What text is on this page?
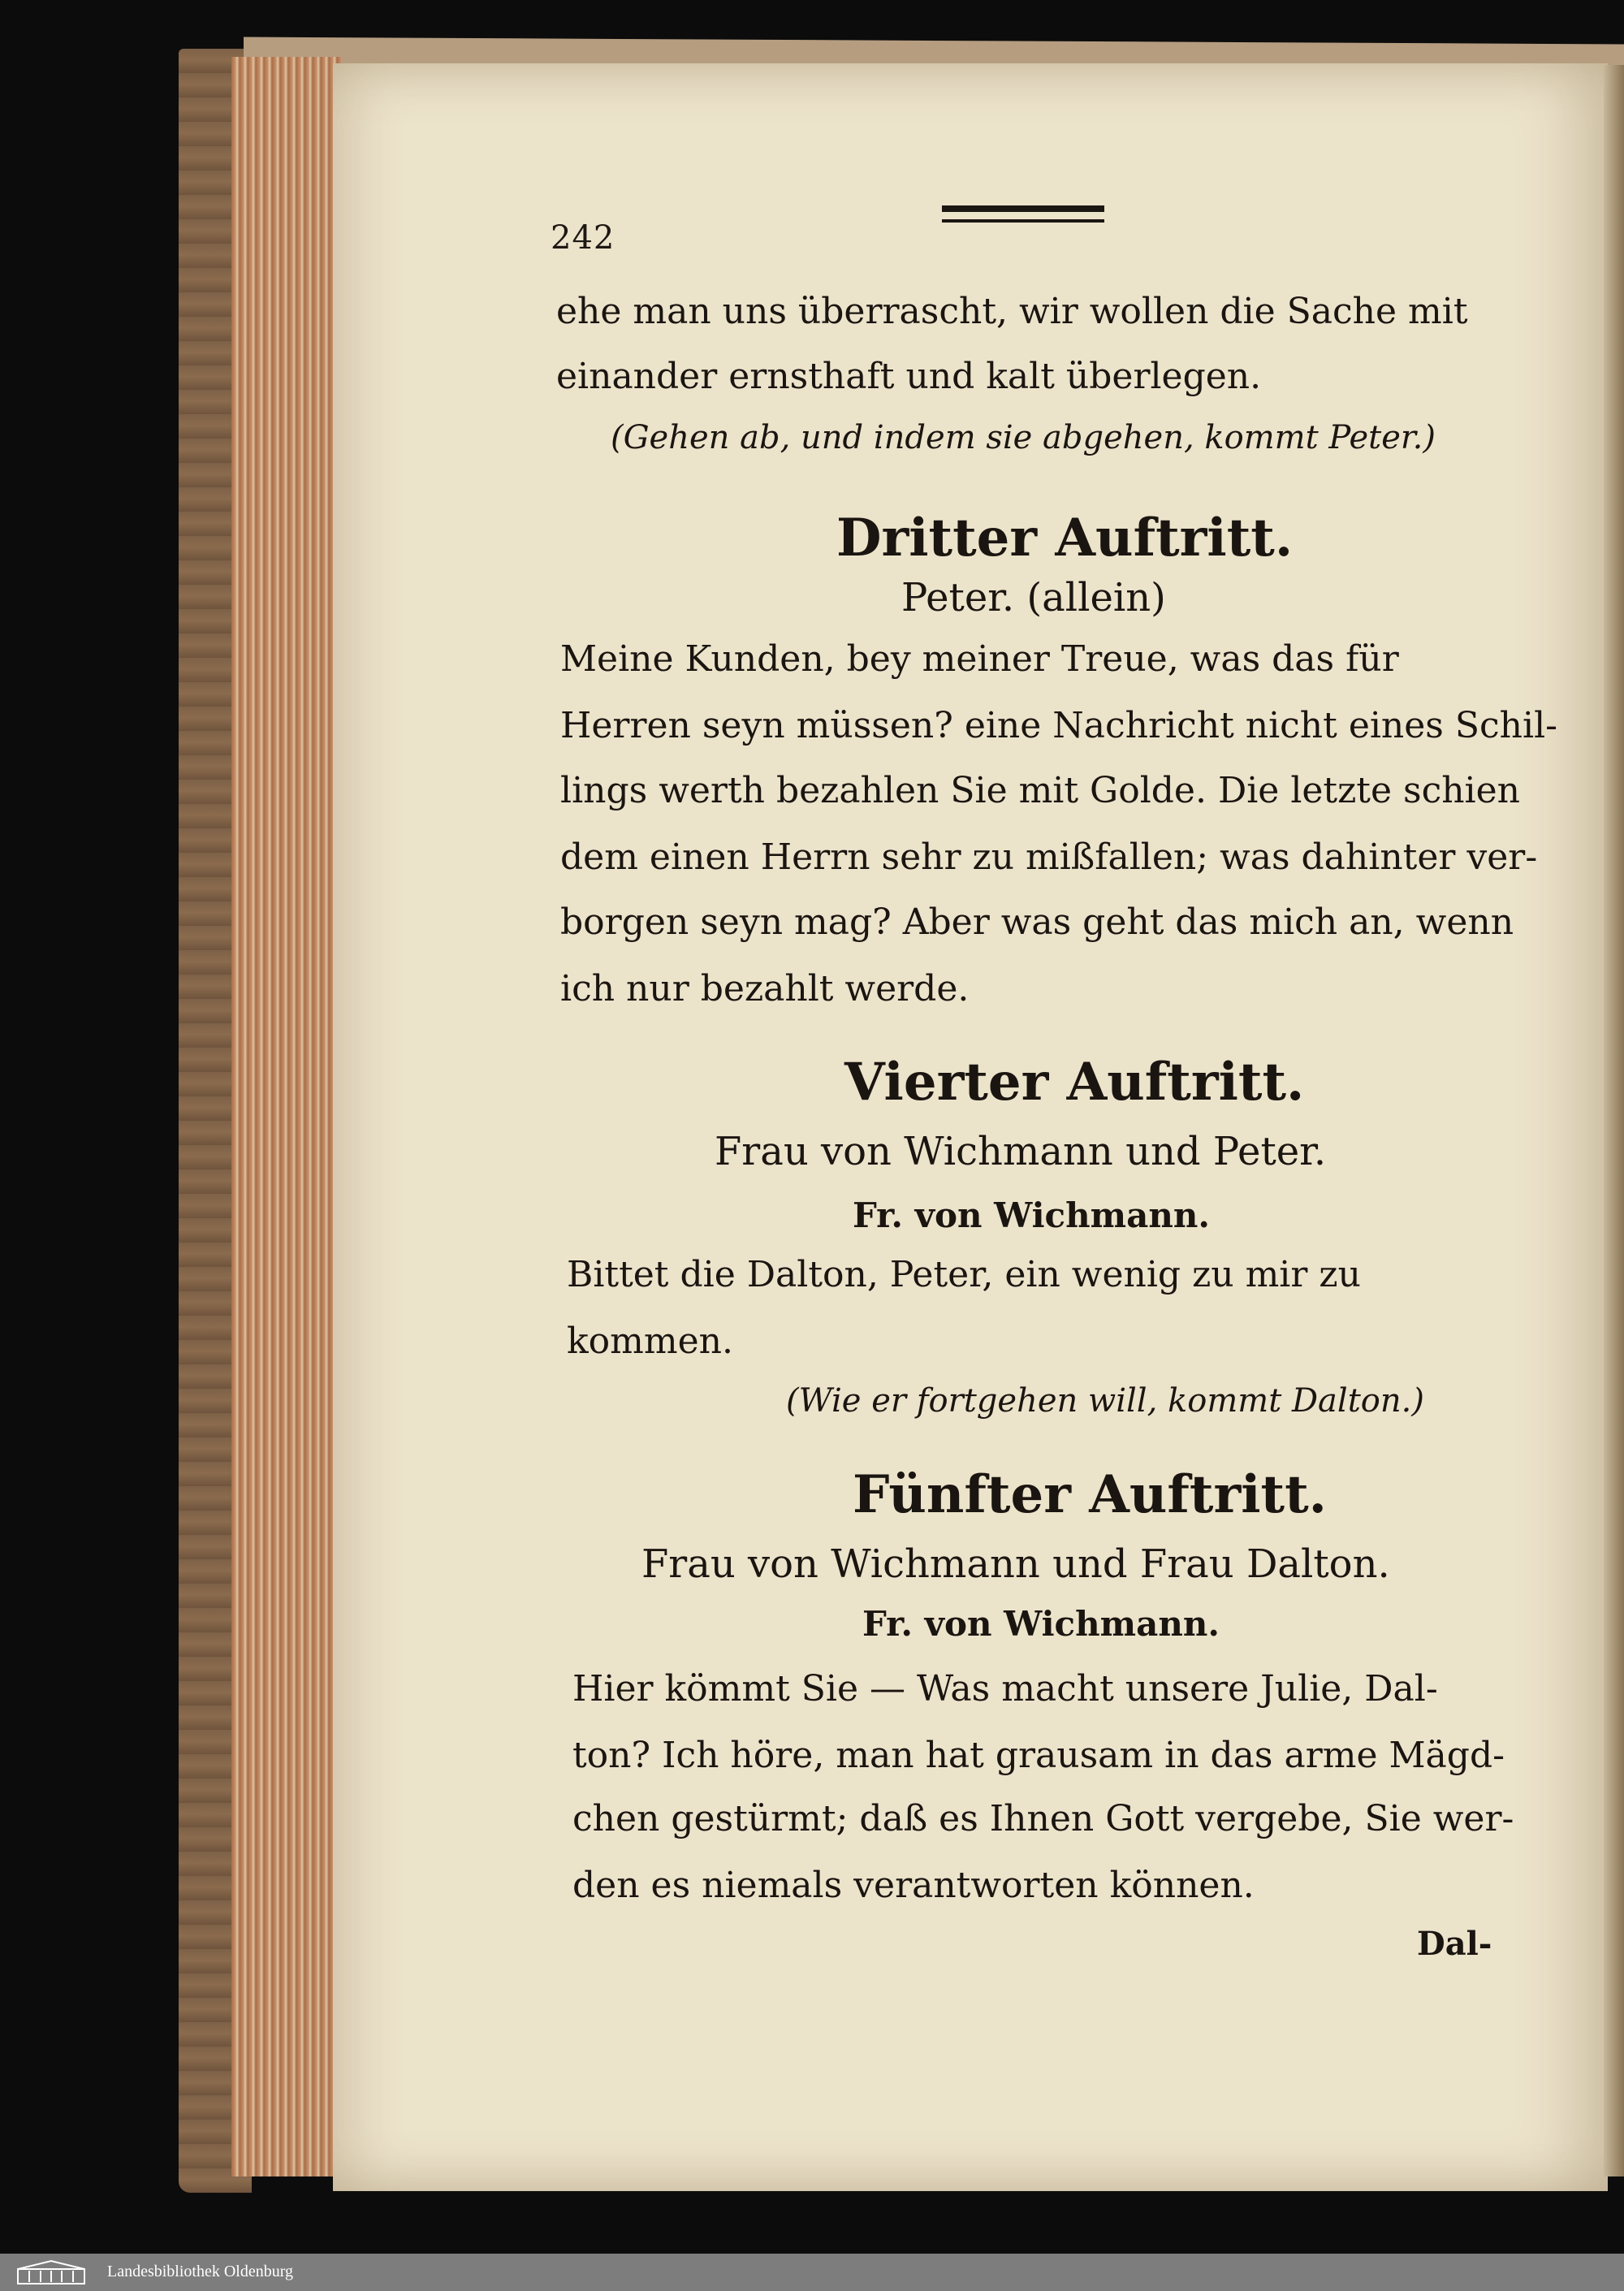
242
ehe man uns überrascht, wir wollen die Sache mit
einander ernsthaft und kalt überlegen.
(Gehen ab, und indem sie abgehen, kommt Peter.)
Dritter Auftritt.
Peter. (allein)
Meine Kunden, bey meiner Treue, was das für
Herren seyn müssen? eine Nachricht nicht eines Schil-
lings werth bezahlen Sie mit Golde. Die letzte schien
dem einen Herrn sehr zu mißfallen; was dahinter ver-
borgen seyn mag? Aber was geht das mich an, wenn
ich nur bezahlt werde.
Vierter Auftritt.
Frau von Wichmann und Peter.
Fr. von Wichmann.
Bittet die Dalton, Peter, ein wenig zu mir zu
kommen.
(Wie er fortgehen will, kommt Dalton.)
Fünfter Auftritt.
Frau von Wichmann und Frau Dalton.
Fr. von Wichmann.
Hier kömmt Sie — Was macht unsere Julie, Dal-
ton? Ich höre, man hat grausam in das arme Mägd-
chen gestürmt; daß es Ihnen Gott vergebe, Sie wer-
den es niemals verantworten können.
Dal-
Landesbibliothek Oldenburg
